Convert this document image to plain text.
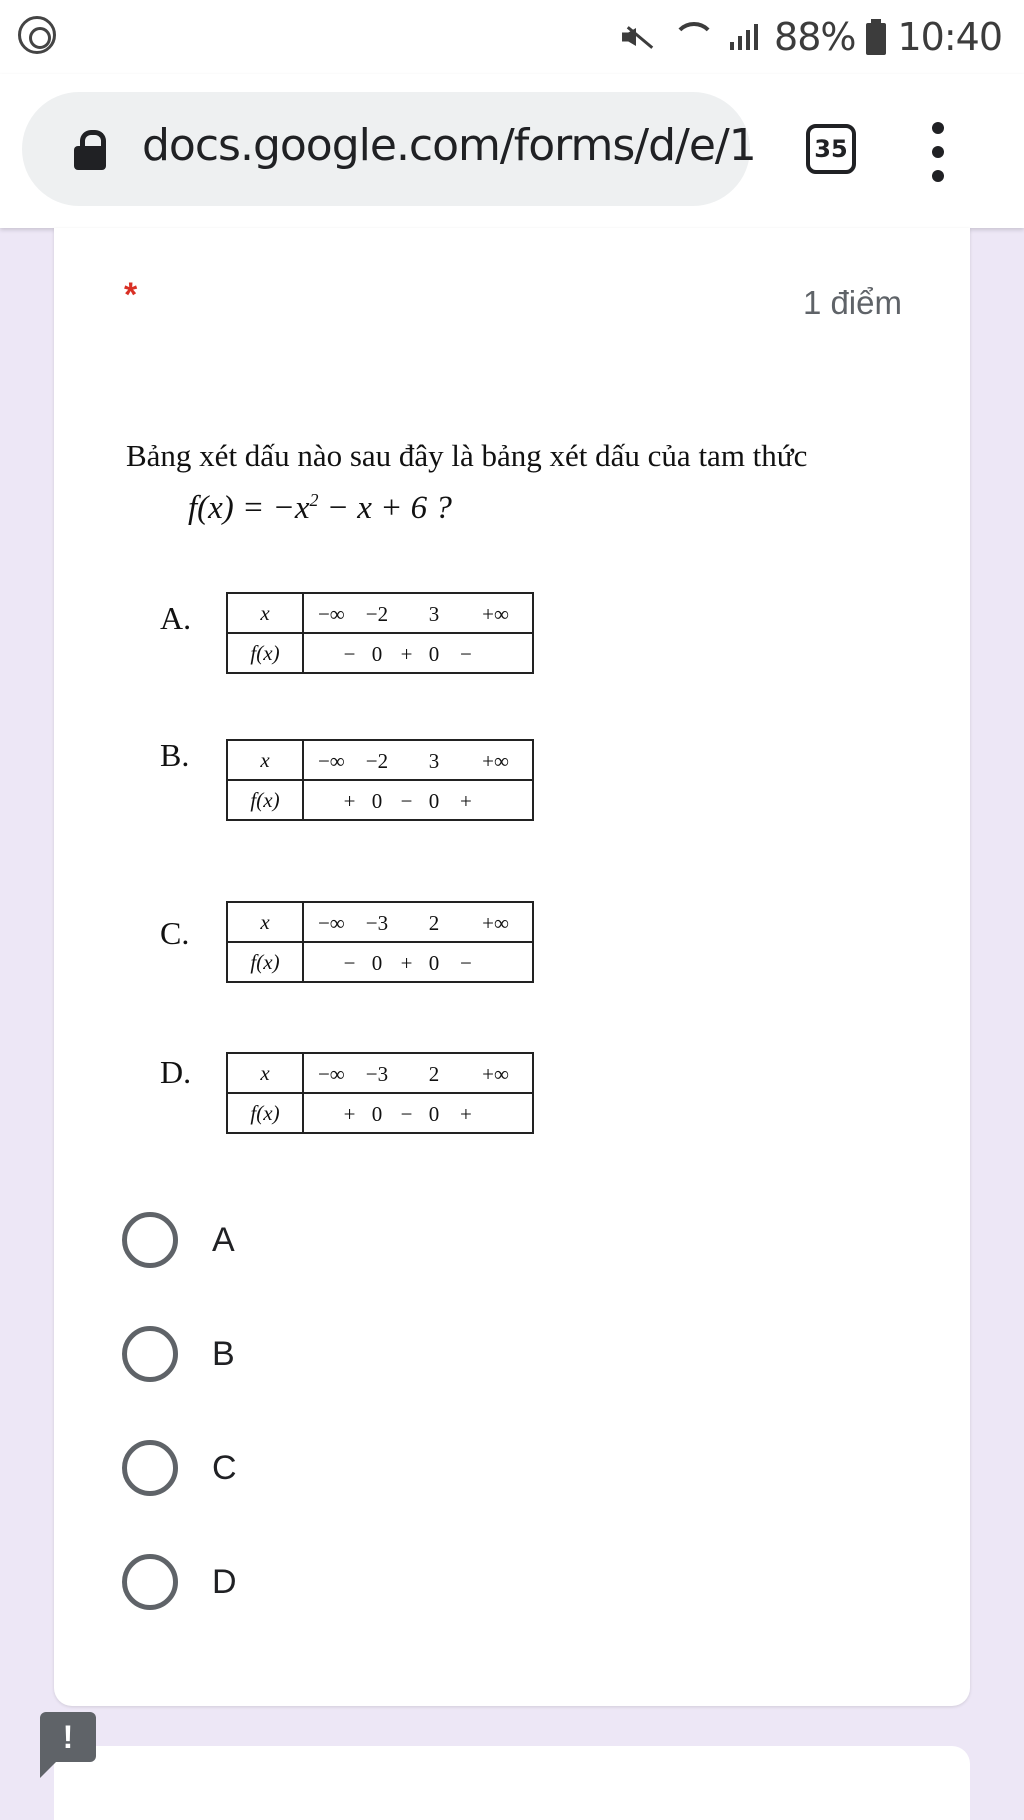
88% 10:40
docs.google.com/forms/d/e/1	35
*	1 điểm
Bảng xét dấu nào sau đây là bảng xét dấu của tam thức
$f(x) = -x^2 - x + 6$ ?
A.	x	−∞ −2 3 +∞

f(x)	− 0 + 0 −
B.	x	−∞ −2 3 +∞

f(x)	+ 0 − 0 +
C.	x	−∞ −3 2 +∞

f(x)	− 0 + 0 −
D.	x	−∞ −3 2 +∞

f(x)	+ 0 − 0 +
A
B
C
D
!
